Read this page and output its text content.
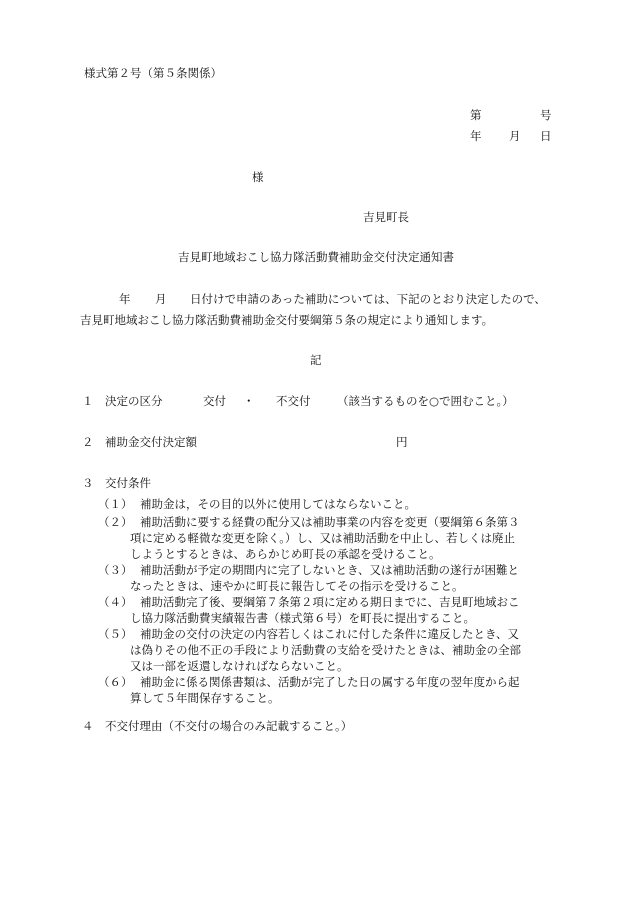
様式第２号（第５条関係）
第	号
年 月 日
様
吉見町長
吉見町地域おこし協力隊活動費補助金交付決定通知書
年 月 日付けで申請のあった補助については、下記のとおり決定したので、
吉見町地域おこし協力隊活動費補助金交付要綱第５条の規定により通知します。
記
１　決定の区分	交付 ・ 不交付 （該当するものを○で囲むこと。）
２　補助金交付決定額	円
３　交付条件
（１） 補助金は，その目的以外に使用してはならないこと。
（２） 補助活動に要する経費の配分又は補助事業の内容を変更（要綱第６条第３
項に定める軽微な変更を除く。）し、又は補助活動を中止し、若しくは廃止
しようとするときは、あらかじめ町長の承認を受けること。
（３） 補助活動が予定の期間内に完了しないとき、又は補助活動の遂行が困難と
なったときは、速やかに町長に報告してその指示を受けること。
（４） 補助活動完了後、要綱第７条第２項に定める期日までに、吉見町地域おこ
し協力隊活動費実績報告書（様式第６号）を町長に提出すること。
（５） 補助金の交付の決定の内容若しくはこれに付した条件に違反したとき、又
は偽りその他不正の手段により活動費の支給を受けたときは、補助金の全部
又は一部を返還しなければならないこと。
（６） 補助金に係る関係書類は、活動が完了した日の属する年度の翌年度から起
算して５年間保存すること。
４　不交付理由（不交付の場合のみ記載すること。）
